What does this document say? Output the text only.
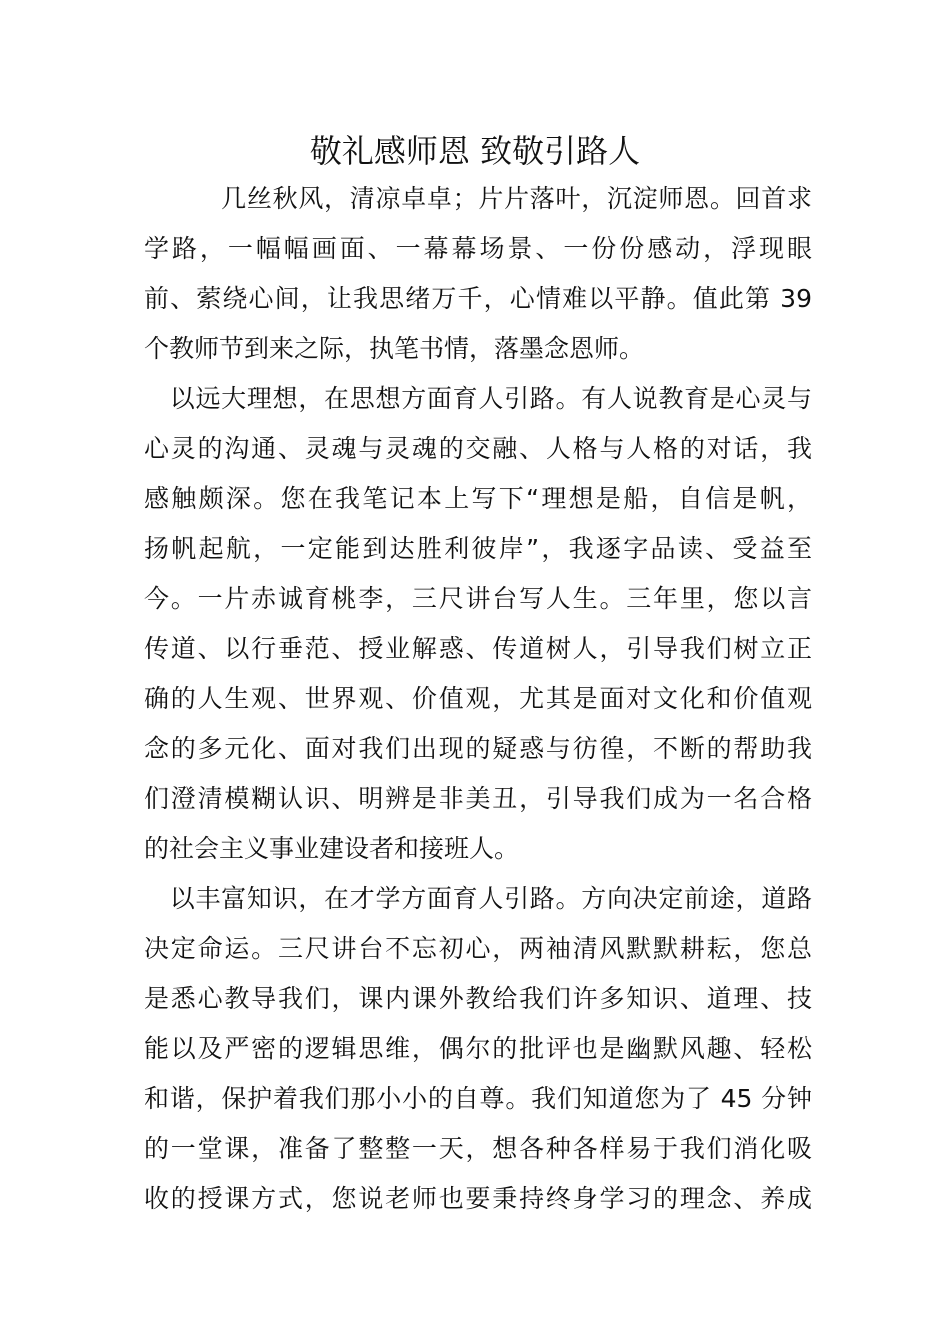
敬礼感师恩 致敬引路人
　　　几丝秋风，清凉卓卓；片片落叶，沉淀师恩。回首求
学路，一幅幅画面、一幕幕场景、一份份感动，浮现眼
前、萦绕心间，让我思绪万千，心情难以平静。值此第 39
个教师节到来之际，执笔书情，落墨念恩师。
　以远大理想，在思想方面育人引路。有人说教育是心灵与
心灵的沟通、灵魂与灵魂的交融、人格与人格的对话，我
感触颇深。您在我笔记本上写下“理想是船，自信是帆，
扬帆起航，一定能到达胜利彼岸”，我逐字品读、受益至
今。一片赤诚育桃李，三尺讲台写人生。三年里，您以言
传道、以行垂范、授业解惑、传道树人，引导我们树立正
确的人生观、世界观、价值观，尤其是面对文化和价值观
念的多元化、面对我们出现的疑惑与彷徨，不断的帮助我
们澄清模糊认识、明辨是非美丑，引导我们成为一名合格
的社会主义事业建设者和接班人。
　以丰富知识，在才学方面育人引路。方向决定前途，道路
决定命运。三尺讲台不忘初心，两袖清风默默耕耘，您总
是悉心教导我们，课内课外教给我们许多知识、道理、技
能以及严密的逻辑思维，偶尔的批评也是幽默风趣、轻松
和谐，保护着我们那小小的自尊。我们知道您为了 45 分钟
的一堂课，准备了整整一天，想各种各样易于我们消化吸
收的授课方式，您说老师也要秉持终身学习的理念、养成
